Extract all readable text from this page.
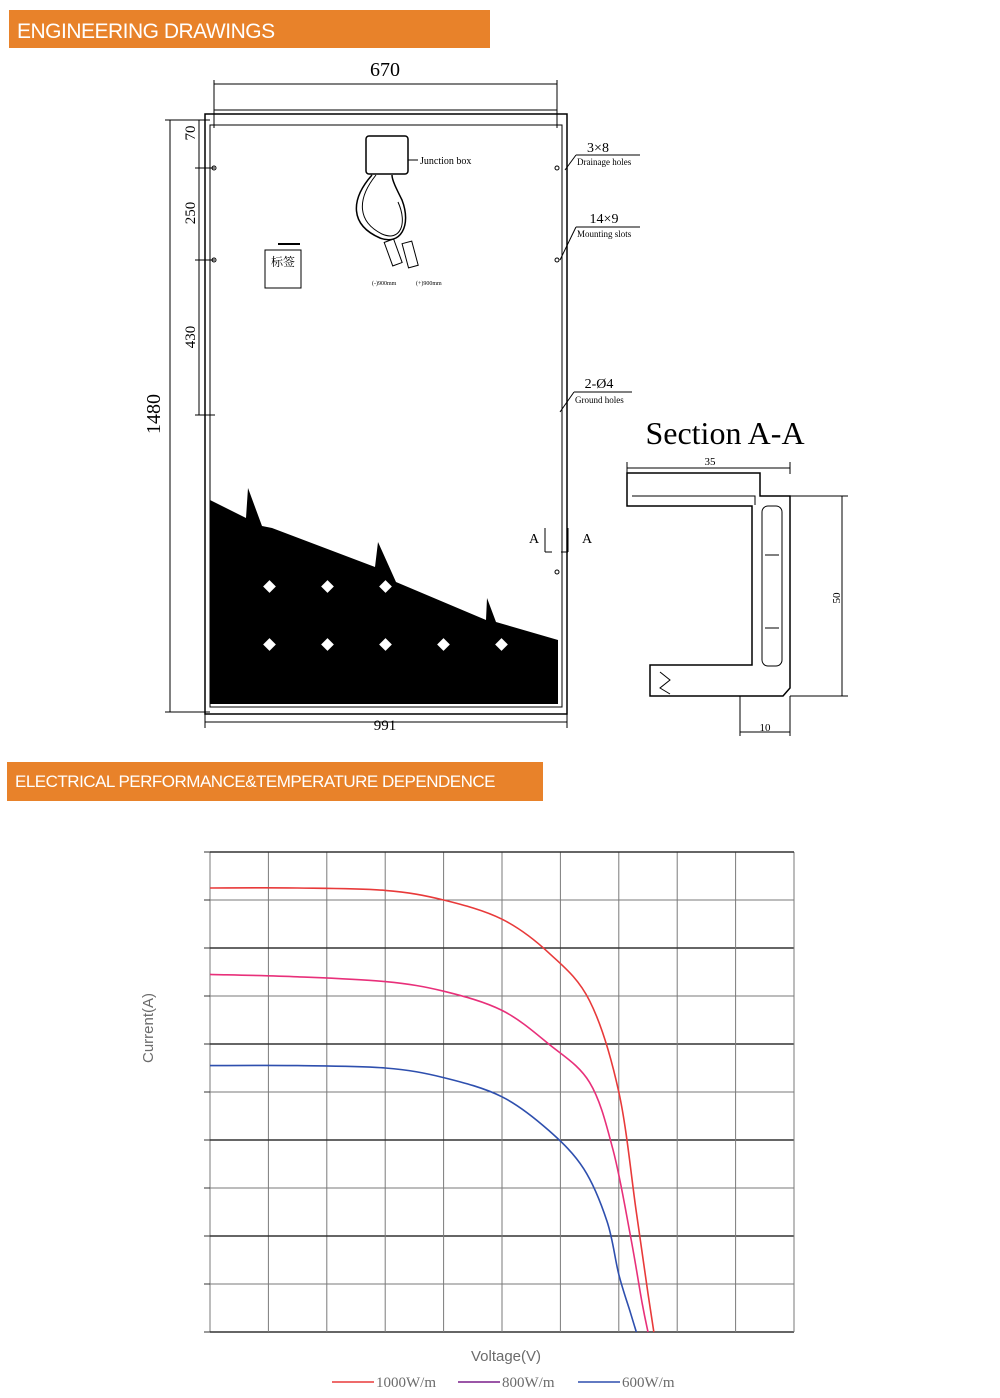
ENGINEERING DRAWINGS
670
991
1480
70
250
430
Junction box
(-)900mm	(+)900mm
标签
3×8
Drainage holes
14×9
Mounting slots
2-Ø4
Ground holes
A	A
Section A-A
35
50
10
ELECTRICAL PERFORMANCE&TEMPERATURE DEPENDENCE
Current(A)
Voltage(V)
1000W/m	800W/m	600W/m
